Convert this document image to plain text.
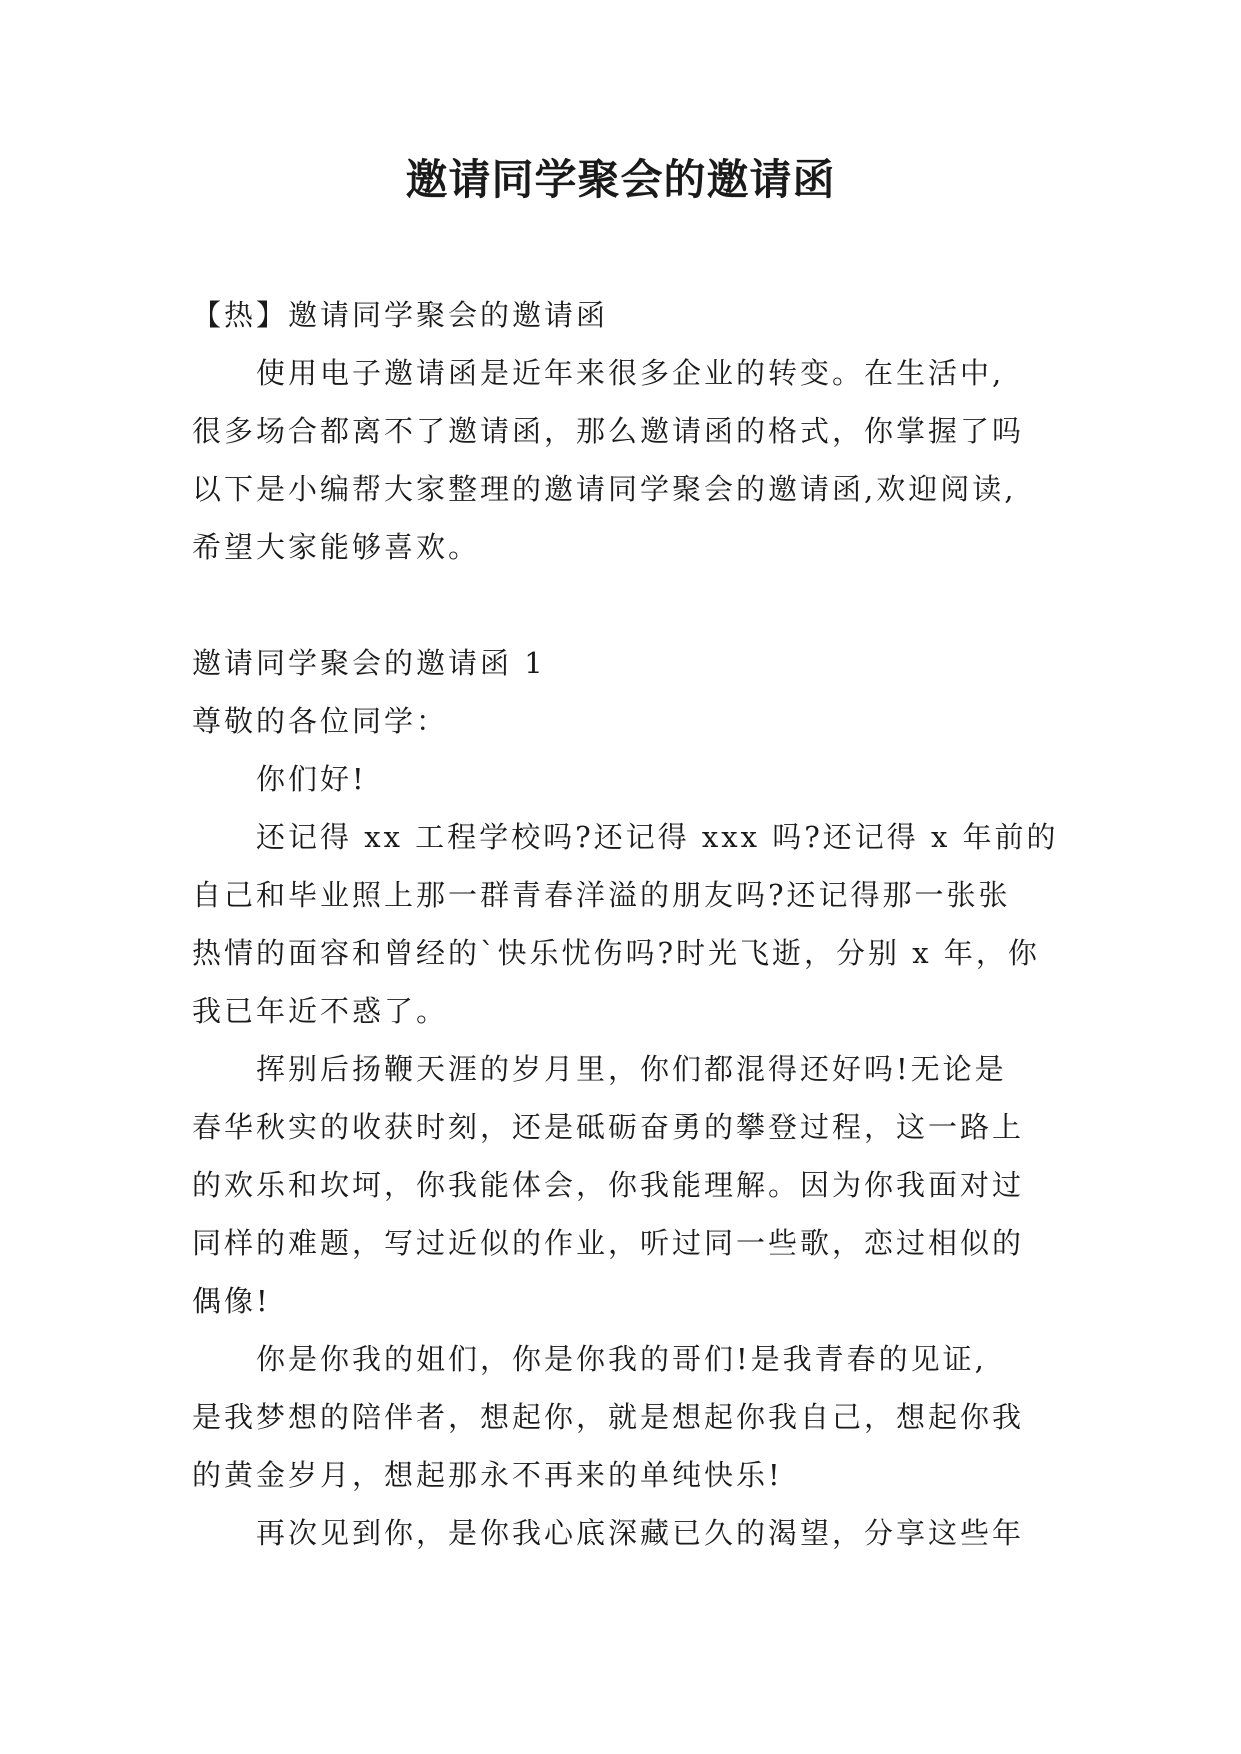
邀请同学聚会的邀请函

【热】邀请同学聚会的邀请函

使用电子邀请函是近年来很多企业的转变。在生活中,

很多场合都离不了邀请函，那么邀请函的格式，你掌握了吗

以下是小编帮大家整理的邀请同学聚会的邀请函,欢迎阅读,

希望大家能够喜欢。

邀请同学聚会的邀请函 1

尊敬的各位同学：

你们好!

还记得 xx 工程学校吗?还记得 xxx 吗?还记得 x 年前的

自己和毕业照上那一群青春洋溢的朋友吗?还记得那一张张

热情的面容和曾经的`快乐忧伤吗?时光飞逝，分别 x 年，你

我已年近不惑了。

挥别后扬鞭天涯的岁月里，你们都混得还好吗!无论是

春华秋实的收获时刻，还是砥砺奋勇的攀登过程，这一路上

的欢乐和坎坷，你我能体会，你我能理解。因为你我面对过

同样的难题，写过近似的作业，听过同一些歌，恋过相似的

偶像!

你是你我的姐们，你是你我的哥们!是我青春的见证,

是我梦想的陪伴者，想起你，就是想起你我自己，想起你我

的黄金岁月，想起那永不再来的单纯快乐!

再次见到你，是你我心底深藏已久的渴望，分享这些年
